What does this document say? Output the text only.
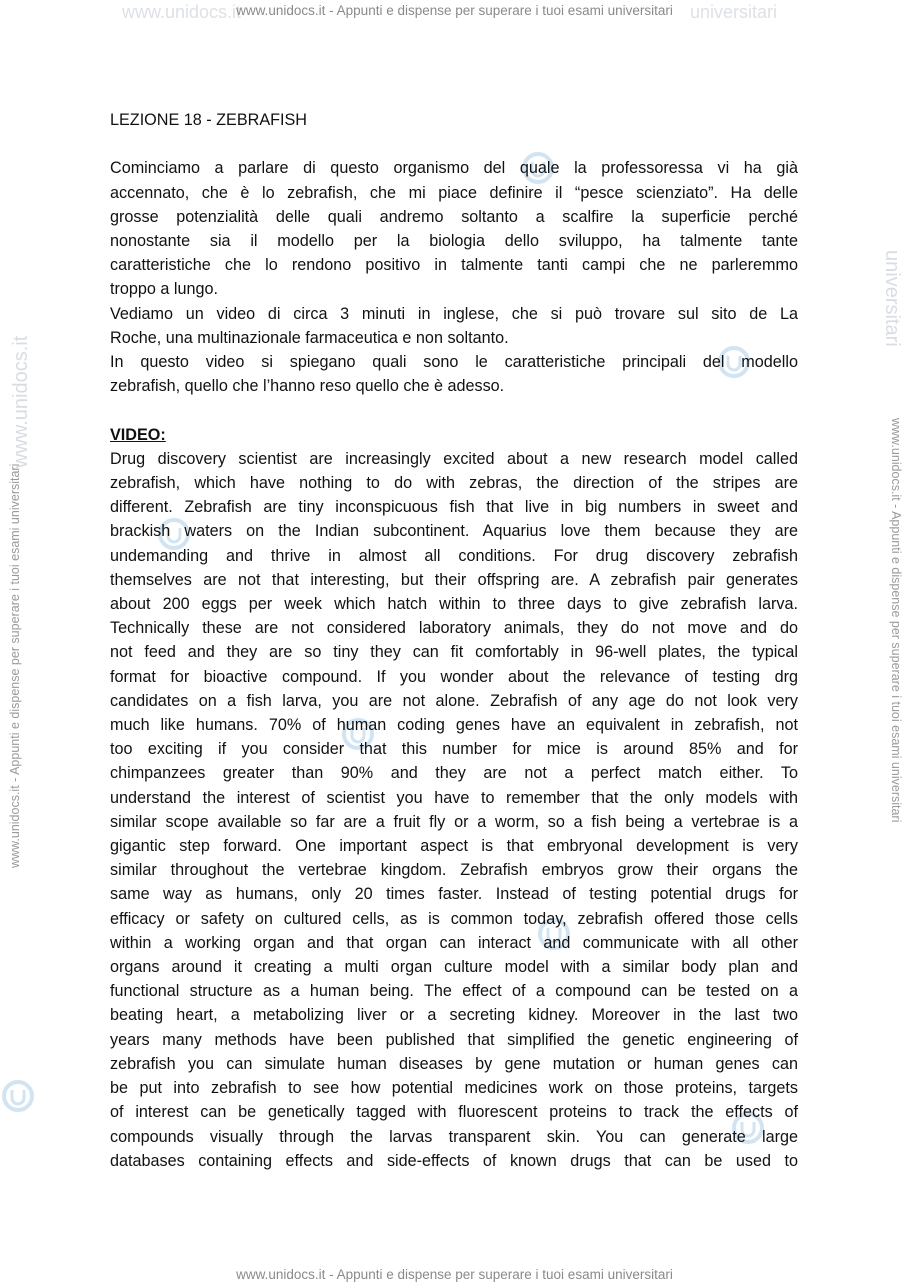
www.unidocs.it	universitari
www.unidocs.it - Appunti e dispense per superare i tuoi esami universitari
www.unidocs.it - Appunti e dispense per superare i tuoi esami universitari
www.unidocs.it - Appunti e dispense per superare i tuoi esami universitari	www.unidocs.it - Appunti e dispense per superare i tuoi esami universitari
www.unidocs.it
universitari
LEZIONE 18 - ZEBRAFISH
Cominciamo a parlare di questo organismo del quale la professoressa vi ha già
accennato, che è lo zebrafish, che mi piace definire il “pesce scienziato”. Ha delle
grosse potenzialità delle quali andremo soltanto a scalfire la superficie perché
nonostante sia il modello per la biologia dello sviluppo, ha talmente tante
caratteristiche che lo rendono positivo in talmente tanti campi che ne parleremmo
troppo a lungo.
Vediamo un video di circa 3 minuti in inglese, che si può trovare sul sito de La
Roche, una multinazionale farmaceutica e non soltanto.
In questo video si spiegano quali sono le caratteristiche principali del modello
zebrafish, quello che l’hanno reso quello che è adesso.
VIDEO:
Drug discovery scientist are increasingly excited about a new research model called
zebrafish, which have nothing to do with zebras, the direction of the stripes are
different. Zebrafish are tiny inconspicuous fish that live in big numbers in sweet and
brackish waters on the Indian subcontinent. Aquarius love them because they are
undemanding and thrive in almost all conditions. For drug discovery zebrafish
themselves are not that interesting, but their offspring are. A zebrafish pair generates
about 200 eggs per week which hatch within to three days to give zebrafish larva.
Technically these are not considered laboratory animals, they do not move and do
not feed and they are so tiny they can fit comfortably in 96-well plates, the typical
format for bioactive compound. If you wonder about the relevance of testing drg
candidates on a fish larva, you are not alone. Zebrafish of any age do not look very
much like humans. 70% of human coding genes have an equivalent in zebrafish, not
too exciting if you consider that this number for mice is around 85% and for
chimpanzees greater than 90% and they are not a perfect match either. To
understand the interest of scientist you have to remember that the only models with
similar scope available so far are a fruit fly or a worm, so a fish being a vertebrae is a
gigantic step forward. One important aspect is that embryonal development is very
similar throughout the vertebrae kingdom. Zebrafish embryos grow their organs the
same way as humans, only 20 times faster. Instead of testing potential drugs for
efficacy or safety on cultured cells, as is common today, zebrafish offered those cells
within a working organ and that organ can interact and communicate with all other
organs around it creating a multi organ culture model with a similar body plan and
functional structure as a human being. The effect of a compound can be tested on a
beating heart, a metabolizing liver or a secreting kidney. Moreover in the last two
years many methods have been published that simplified the genetic engineering of
zebrafish you can simulate human diseases by gene mutation or human genes can
be put into zebrafish to see how potential medicines work on those proteins, targets
of interest can be genetically tagged with fluorescent proteins to track the effects of
compounds visually through the larvas transparent skin. You can generate large
databases containing effects and side-effects of known drugs that can be used to
